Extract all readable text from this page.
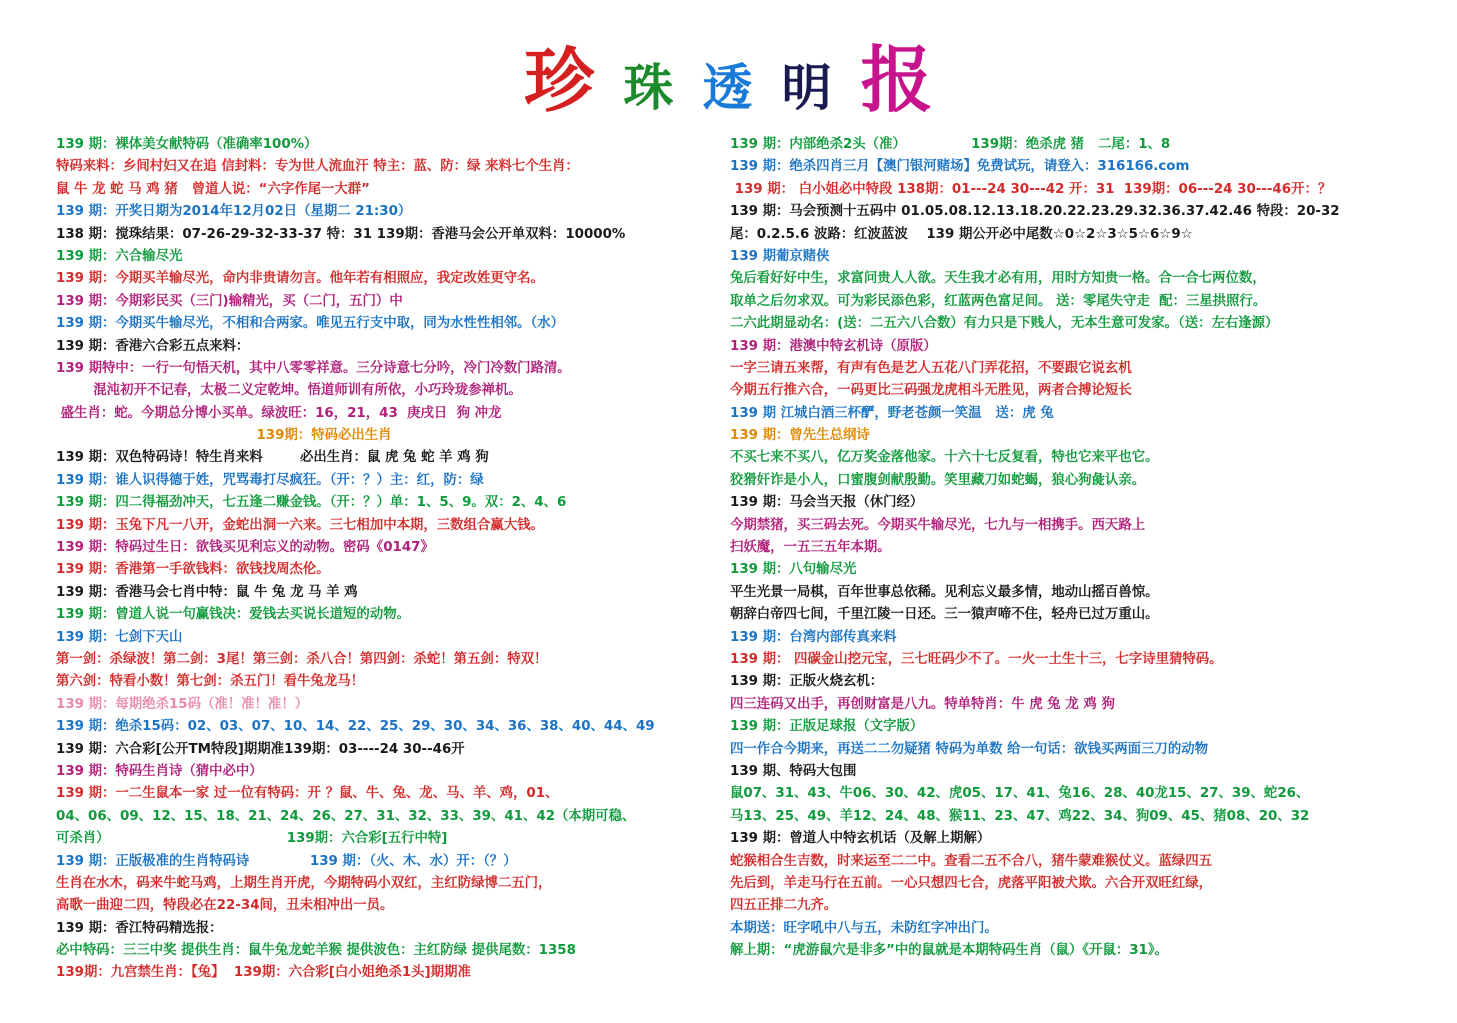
珍 珠 透 明 报
139 期：裸体美女献特码（准确率100%）
特码来料：乡间村妇又在追 信封料：专为世人流血汗 特主：蓝、防：绿 来料七个生肖：
鼠 牛 龙 蛇 马 鸡 猪   曾道人说：“六字作尾一大群”
139 期：开奖日期为2014年12月02日（星期二 21:30）
138 期：搅珠结果：07-26-29-32-33-37 特：31 139期：香港马会公开单双料：10000%
139 期：六合输尽光
139 期：今期买羊输尽光，命内非贵请勿言。他年若有相照应，我定改姓更守名。
139 期：今期彩民买（三门)输精光，买（二门，五门）中
139 期：今期买牛输尽光，不相和合两家。唯见五行支中取，同为水性性相邻。（水）
139 期：香港六合彩五点来料：
139 期特中：一行一句悟天机，其中八零零祥意。三分诗意七分吟，冷门冷数门路清。
混沌初开不记春，太极二义定乾坤。悟道师训有所依，小巧玲珑参禅机。
盛生肖：蛇。今期总分博小买单。绿波旺：16，21，43  庚戌日  狗 冲龙
139期：特码必出生肖
139 期：双色特码诗！特生肖来料        必出生肖：鼠 虎 兔 蛇 羊 鸡 狗
139 期：谁人识得德于姓，咒骂毒打尽疯狂。（开：？）主：红，防：绿
139 期：四二得福劲冲天，七五逢二赚金钱。（开：？）单：1、5、9。双：2、4、6
139 期：玉兔下凡一八开，金蛇出洞一六来。三七相加中本期，三数组合赢大钱。
139 期：特码过生日：欲钱买见利忘义的动物。密码《0147》
139 期：香港第一手欲钱料：欲钱找周杰伦。
139 期：香港马会七肖中特：鼠 牛 兔 龙 马 羊 鸡
139 期：曾道人说一句赢钱决：爱钱去买说长道短的动物。
139 期：七剑下天山
第一剑：杀绿波！第二剑：3尾！第三剑：杀八合！第四剑：杀蛇！第五剑：特双！
第六剑：特看小数！第七剑：杀五门！看牛兔龙马！
139 期：每期绝杀15码（准！准！准！）
139 期：绝杀15码：02、03、07、10、14、22、25、29、30、34、36、38、40、44、49
139 期：六合彩[公开TM特段]期期准139期：03----24 30--46开
139 期：特码生肖诗（猜中必中）
139 期：一二生鼠本一家 过一位有特码：开 ？鼠、牛、兔、龙、马、羊、鸡，01、
04、06、09、12、15、18、21、24、26、27、31、32、33、39、41、42（本期可稳、
可杀肖）                                      139期：六合彩[五行中特]
139 期：正版极准的生肖特码诗             139 期：（火、木、水）开：（？）
生肖在水木，码来牛蛇马鸡，上期生肖开虎，今期特码小双红，主红防绿博二五门，
高歌一曲迎二四，特段必在22-34间，丑未相冲出一员。
139 期：香江特码精选报：
必中特码：三三中奖 提供生肖：鼠牛兔龙蛇羊猴 提供波色：主红防绿 提供尾数：1358
139期：九宫禁生肖：【兔】  139期：六合彩[白小姐绝杀1头]期期准
139 期：内部绝杀2头（准）              139期：绝杀虎 猪   二尾：1、8
139 期：绝杀四肖三月【澳门银河赌场】免费试玩，请登入：316166.com
139 期： 白小姐必中特段 138期：01---24 30---42 开：31  139期：06---24 30---46开：？
139 期：马会预测十五码中 01.05.08.12.13.18.20.22.23.29.32.36.37.42.46 特段：20-32
尾：0.2.5.6 波路：红波蓝波    139 期公开必中尾数☆0☆2☆3☆5☆6☆9☆
139 期葡京赌侠
兔后看好好中生，求富问贵人人欲。天生我才必有用，用时方知贵一格。合一合七两位数，
取单之后勿求双。可为彩民添色彩，红蓝两色富足间。 送：零尾失守走  配：三星拱照行。
二六此期显动名：(送：二五六八合数）有力只是下贱人，无本生意可发家。（送：左右逢源）
139 期：港澳中特玄机诗（原版）
一字三请五来帮，有声有色是艺人五花八门弄花招，不要跟它说玄机
今期五行推六合，一码更比三码强龙虎相斗无胜见，两者合搏论短长
139 期 江城白酒三杯酽，野老苍颜一笑温   送：虎 兔
139 期：曾先生总纲诗
不买七来不买八，亿万奖金落他家。十六十七反复看，特也它来平也它。
狡猾奸诈是小人，口蜜腹剑献殷勤。笑里藏刀如蛇蝎，狼心狗彘认亲。
139 期：马会当天报（休门经）
今期禁猪，买三码去死。今期买牛输尽光，七九与一相携手。西天路上
扫妖魔，一五三五年本期。
139 期：八句输尽光
平生光景一局棋，百年世事总依稀。见利忘义最多情，地动山摇百兽惊。
朝辞白帝四七间，千里江陵一日还。三一猿声啼不住，轻舟已过万重山。
139 期：台湾内部传真来料
139 期： 四碳金山挖元宝，三七旺码少不了。一火一土生十三，七字诗里猜特码。
139 期：正版火烧玄机：
四三连码又出手，再创财富是八九。特单特肖：牛 虎 兔 龙 鸡 狗
139 期：正版足球报（文字版）
四一作合今期来，再送二二勿疑猪 特码为单数 给一句话：欲钱买两面三刀的动物
139 期、特码大包围
鼠07、31、43、牛06、30、42、虎05、17、41、兔16、28、40龙15、27、39、蛇26、
马13、25、49、羊12、24、48、猴11、23、47、鸡22、34、狗09、45、猪08、20、32
139 期：曾道人中特玄机话（及解上期解）
蛇猴相合生吉数，时来运至二二中。查看二五不合八，猪牛蒙难猴仗义。蓝绿四五
先后到，羊走马行在五前。一心只想四七合，虎落平阳被犬欺。六合开双旺红绿，
四五正排二九齐。
本期送：旺字吼中八与五，未防红字冲出门。
解上期：“虎游鼠穴是非多”中的鼠就是本期特码生肖（鼠）《开鼠：31》。
